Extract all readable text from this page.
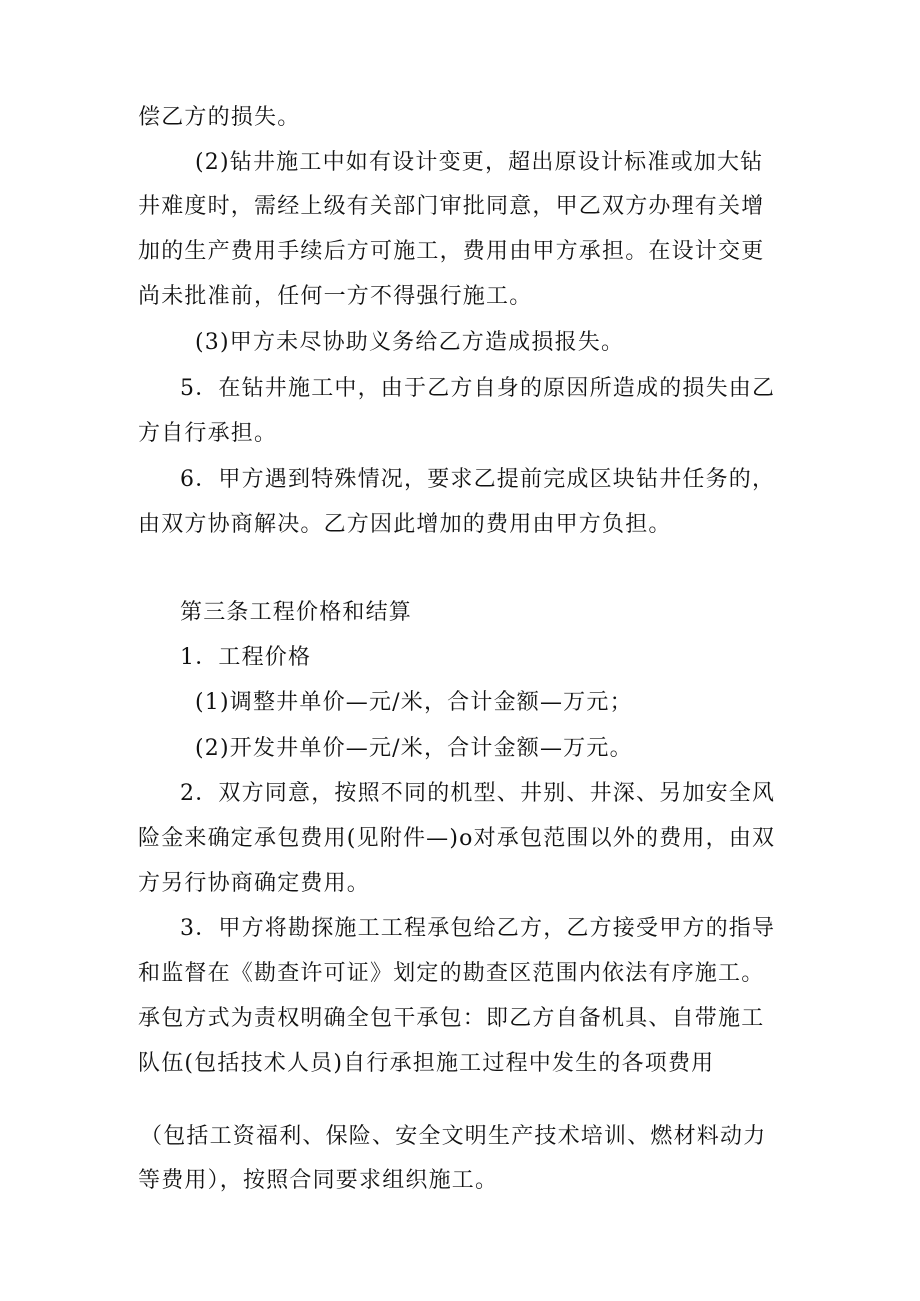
偿乙方的损失。
(2)钻井施工中如有设计变更，超出原设计标准或加大钻
井难度时，需经上级有关部门审批同意，甲乙双方办理有关增
加的生产费用手续后方可施工，费用由甲方承担。在设计交更
尚未批准前，任何一方不得强行施工。
(3)甲方未尽协助义务给乙方造成损报失。
5．在钻井施工中，由于乙方自身的原因所造成的损失由乙
方自行承担。
6．甲方遇到特殊情况，要求乙提前完成区块钻井任务的，
由双方协商解决。乙方因此增加的费用由甲方负担。
第三条工程价格和结算
1．工程价格
(1)调整井单价—元/米，合计金额—万元；
(2)开发井单价—元/米，合计金额—万元。
2．双方同意，按照不同的机型、井别、井深、另加安全风
险金来确定承包费用(见附件—)o对承包范围以外的费用，由双
方另行协商确定费用。
3．甲方将勘探施工工程承包给乙方，乙方接受甲方的指导
和监督在《勘查许可证》划定的勘查区范围内依法有序施工。
承包方式为责权明确全包干承包：即乙方自备机具、自带施工
队伍(包括技术人员)自行承担施工过程中发生的各项费用
（包括工资福利、保险、安全文明生产技术培训、燃材料动力
等费用），按照合同要求组织施工。
